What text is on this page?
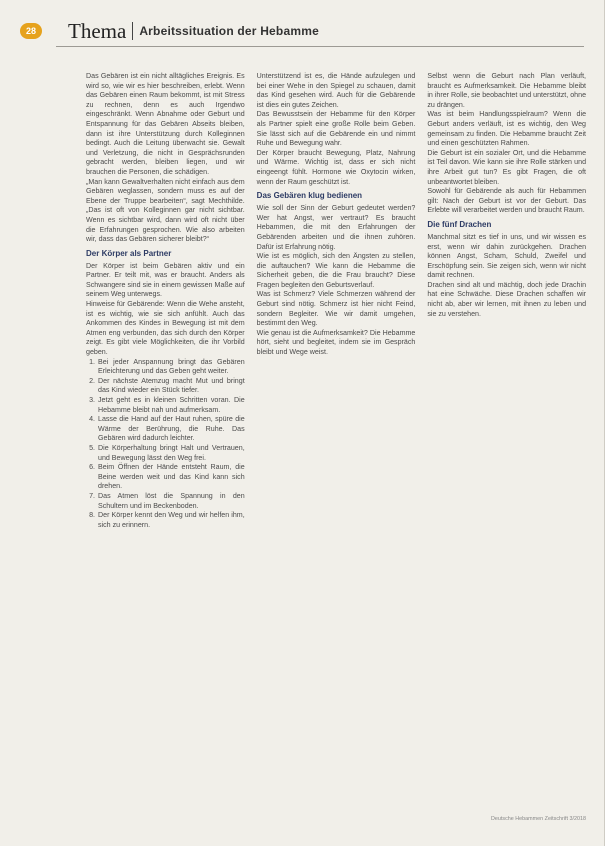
28 Thema Arbeitssituation der Hebamme

Das Gebären ist ein nicht alltägliches Ereignis. Es wird so, wie wir es hier beschreiben, erlebt. Wenn das Gebären einen Raum bekommt, ist mit Stress zu rechnen, denn es auch Irgendwo eingeschränkt. Wenn Abnahme oder Geburt und Entspannung für das Gebären Abseits bleiben, dann ist ihre Unterstützung durch Kolleginnen bedingt. Auch die Leitung überwacht sie. Gewalt und Verletzung, die nicht in Gesprächsrunden gebracht werden, bleiben liegen, und wir brauchen die Personen, die schädigen.

„Man kann Gewaltverhalten nicht einfach aus dem Gebären weglassen, sondern muss es auf der Ebene der Truppe bearbeiten“, sagt Mechthilde. „Das ist oft von Kolleginnen gar nicht sichtbar. Wenn es sichtbar wird, dann wird oft nicht über die Erfahrungen gesprochen. Wie also arbeiten wir, dass das Gebären sicherer bleibt?“

Der Körper als Partner

Der Körper ist beim Gebären aktiv und ein Partner. Er teilt mit, was er braucht. Anders als Schwangere sind sie in einem gewissen Maße auf seinem Weg unterwegs.

Hinweise für Gebärende: Wenn die Wehe ansteht, ist es wichtig, wie sie sich anfühlt. Auch das Ankommen des Kindes in Bewegung ist mit dem Atmen eng verbunden, das sich durch den Körper zeigt. Es gibt viele Möglichkeiten, die ihr Vorbild geben.

1. Bei jeder Anspannung bringt das Gebären Erleichterung und das Geben geht weiter.
2. Der nächste Atemzug macht Mut und bringt das Kind wieder ein Stück tiefer.
3. Jetzt geht es in kleinen Schritten voran. Die Hebamme bleibt nah und aufmerksam.
4. Lasse die Hand auf der Haut ruhen, spüre die Wärme der Berührung, die Ruhe. Das Gebären wird dadurch leichter.
5. Die Körperhaltung bringt Halt und Vertrauen, und Bewegung lässt den Weg frei.
6. Beim Öffnen der Hände entsteht Raum, die Beine werden weit und das Kind kann sich drehen.
7. Das Atmen löst die Spannung in den Schultern und im Beckenboden.
8. Der Körper kennt den Weg und wir helfen ihm, sich zu erinnern.

Unterstützend ist es, die Hände aufzulegen und bei einer Wehe in den Spiegel zu schauen, damit das Kind gesehen wird. Auch für die Gebärende ist dies ein gutes Zeichen.

Das Bewusstsein der Hebamme für den Körper als Partner spielt eine große Rolle beim Geben. Sie lässt sich auf die Gebärende ein und nimmt Ruhe und Bewegung wahr.

Der Körper braucht Bewegung, Platz, Nahrung und Wärme. Wichtig ist, dass er sich nicht eingeengt fühlt. Hormone wie Oxytocin wirken, wenn der Raum geschützt ist.

Das Gebären klug bedienen

Wie soll der Sinn der Geburt gedeutet werden? Wer hat Angst, wer vertraut? Es braucht Hebammen, die mit den Erfahrungen der Gebärenden arbeiten und die ihnen zuhören. Dafür ist Erfahrung nötig.

Wie ist es möglich, sich den Ängsten zu stellen, die auftauchen? Wie kann die Hebamme die Sicherheit geben, die die Frau braucht? Diese Fragen begleiten den Geburtsverlauf.

Was ist Schmerz? Viele Schmerzen während der Geburt sind nötig. Schmerz ist hier nicht Feind, sondern Begleiter. Wie wir damit umgehen, bestimmt den Weg.

Wie genau ist die Aufmerksamkeit? Die Hebamme hört, sieht und begleitet, indem sie im Gespräch bleibt und Wege weist.

Selbst wenn die Geburt nach Plan verläuft, braucht es Aufmerksamkeit. Die Hebamme bleibt in ihrer Rolle, sie beobachtet und unterstützt, ohne zu drängen.

Was ist beim Handlungsspielraum? Wenn die Geburt anders verläuft, ist es wichtig, den Weg gemeinsam zu finden. Die Hebamme braucht Zeit und einen geschützten Rahmen.

Die Geburt ist ein sozialer Ort, und die Hebamme ist Teil davon. Wie kann sie ihre Rolle stärken und ihre Arbeit gut tun? Es gibt Fragen, die oft unbeantwortet bleiben.

Sowohl für Gebärende als auch für Hebammen gilt: Nach der Geburt ist vor der Geburt. Das Erlebte will verarbeitet werden und braucht Raum.

Die fünf Drachen

Manchmal sitzt es tief in uns, und wir wissen es erst, wenn wir dahin zurückgehen. Drachen können Angst, Scham, Schuld, Zweifel und Erschöpfung sein. Sie zeigen sich, wenn wir nicht damit rechnen.

Drachen sind alt und mächtig, doch jede Drachin hat eine Schwäche. Diese Drachen schaffen wir nicht ab, aber wir lernen, mit ihnen zu leben und sie zu verstehen.

Deutsche Hebammen Zeitschrift 3/2018
